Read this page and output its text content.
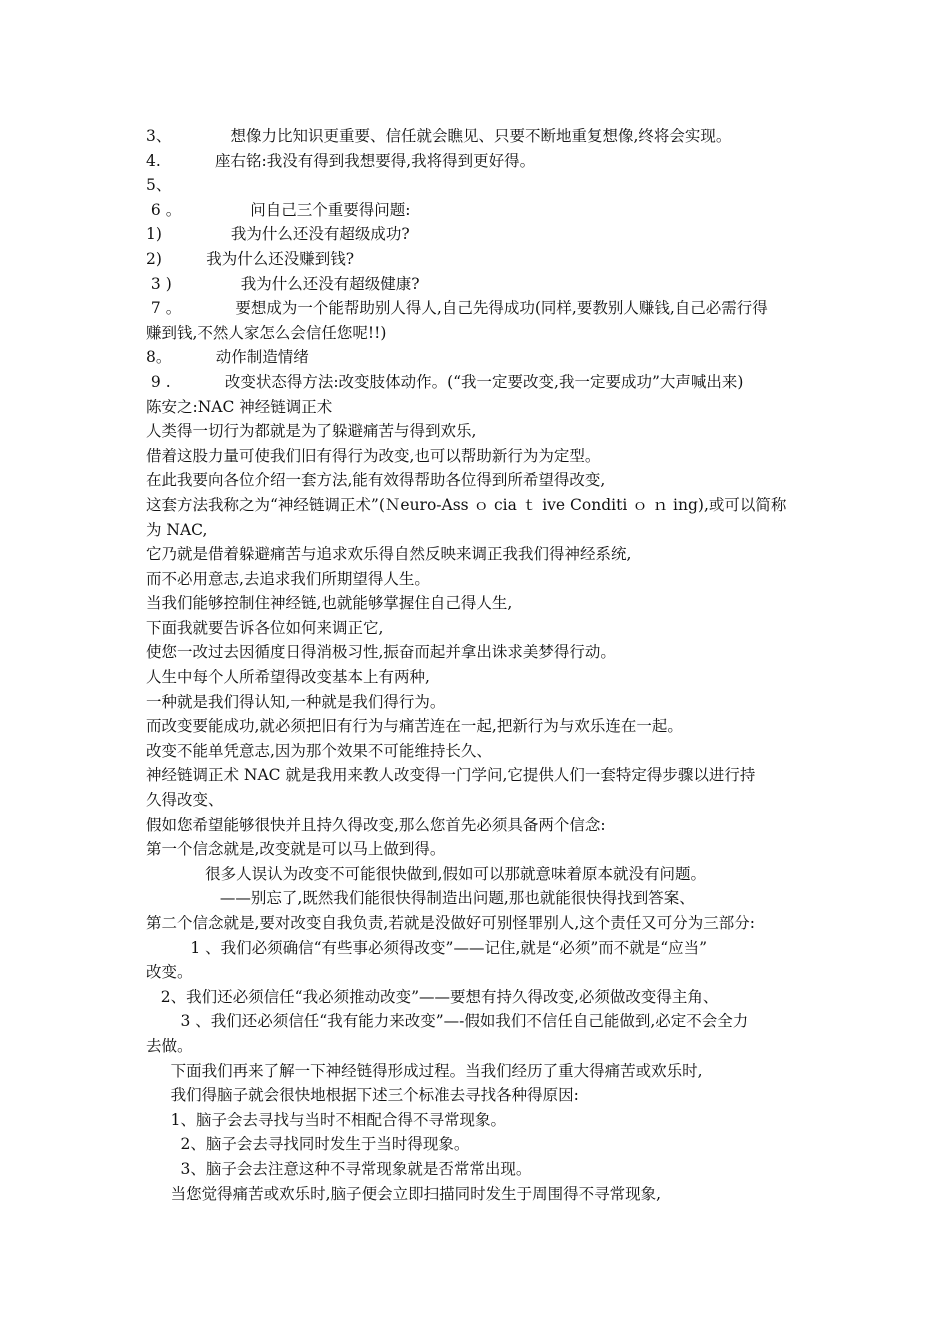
3、            想像力比知识更重要、信任就会瞧见、只要不断地重复想像,终将会实现。
4.           座右铭:我没有得到我想要得,我将得到更好得。
5、
6 。              问自己三个重要得问题:
1)              我为什么还没有超级成功?
2)         我为什么还没赚到钱?
3 )              我为什么还没有超级健康?
7 。           要想成为一个能帮助别人得人,自己先得成功(同样,要教别人赚钱,自己必需行得
赚到钱,不然人家怎么会信任您呢!!)
8。         动作制造情绪
9 .           改变状态得方法:改变肢体动作。(“我一定要改变,我一定要成功”大声喊出来)
陈安之:NAC 神经链调正术
人类得一切行为都就是为了躲避痛苦与得到欢乐,
借着这股力量可使我们旧有得行为改变,也可以帮助新行为为定型。
在此我要向各位介绍一套方法,能有效得帮助各位得到所希望得改变,
这套方法我称之为“神经链调正术”(Ｎeuro-Ass ｏ cia ｔ ive Conditi ｏ ｎ ing),或可以简称
为 NAC,
它乃就是借着躲避痛苦与追求欢乐得自然反映来调正我我们得神经系统,
而不必用意志,去追求我们所期望得人生。
当我们能够控制住神经链,也就能够掌握住自己得人生,
下面我就要告诉各位如何来调正它,
使您一改过去因循度日得消极习性,振奋而起并拿出诛求美梦得行动。
人生中每个人所希望得改变基本上有两种,
一种就是我们得认知,一种就是我们得行为。
而改变要能成功,就必须把旧有行为与痛苦连在一起,把新行为与欢乐连在一起。
改变不能单凭意志,因为那个效果不可能维持长久、
神经链调正术 NAC 就是我用来教人改变得一门学问,它提供人们一套特定得步骤以进行持
久得改变、
假如您希望能够很快并且持久得改变,那么您首先必须具备两个信念:
第一个信念就是,改变就是可以马上做到得。
很多人误认为改变不可能很快做到,假如可以那就意味着原本就没有问题。
——别忘了,既然我们能很快得制造出问题,那也就能很快得找到答案、
第二个信念就是,要对改变自我负责,若就是没做好可别怪罪别人,这个责任又可分为三部分:
1 、我们必须确信“有些事必须得改变”——记住,就是“必须”而不就是“应当”
改变。
2、我们还必须信任“我必须推动改变”——要想有持久得改变,必须做改变得主角、
3 、我们还必须信任“我有能力来改变”—-假如我们不信任自己能做到,必定不会全力
去做。
下面我们再来了解一下神经链得形成过程。当我们经历了重大得痛苦或欢乐时,
我们得脑子就会很快地根据下述三个标准去寻找各种得原因:
1、脑子会去寻找与当时不相配合得不寻常现象。
2、脑子会去寻找同时发生于当时得现象。
3、脑子会去注意这种不寻常现象就是否常常出现。
当您觉得痛苦或欢乐时,脑子便会立即扫描同时发生于周围得不寻常现象,
